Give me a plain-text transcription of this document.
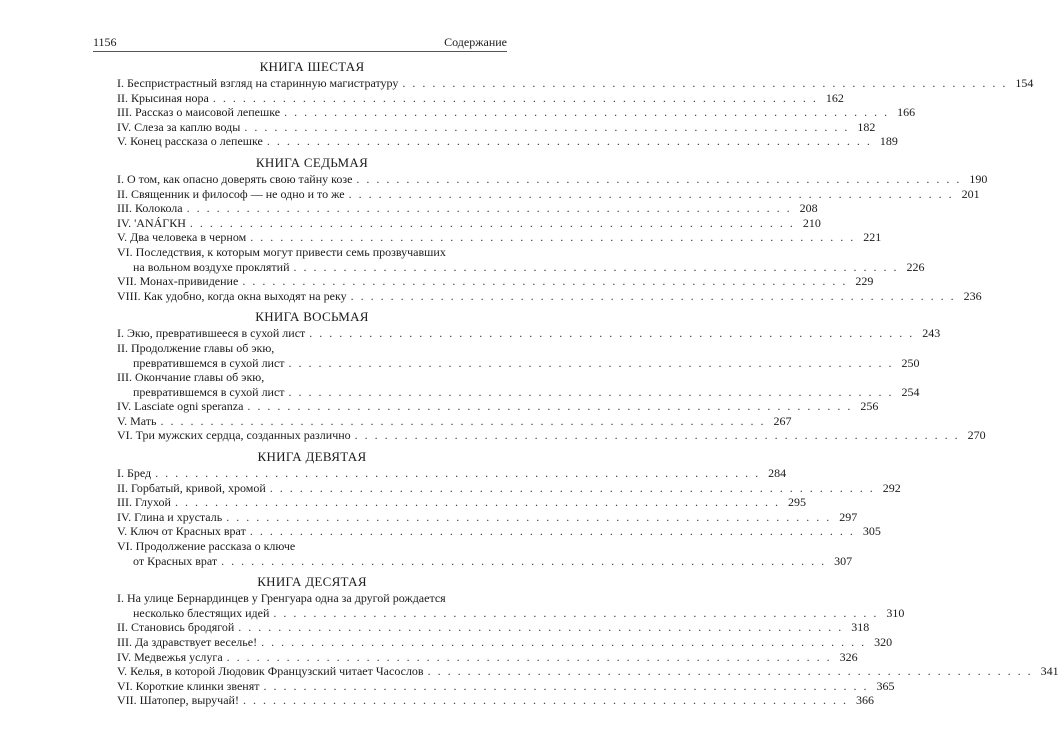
1156	Содержание
КНИГА ШЕСТАЯ
I. Беспристрастный взгляд на старинную магистратуру . . . . . . . . . . . . . . . . . . . . . . . . . . . . . . . . . . . . . . . . . . . . . . . . . . . . . . . . . . . . . 154
II. Крысиная нора . . . . . . . . . . . . . . . . . . . . . . . . . . . . . . . . . . . . . . . . . . . . . . . . . . . . . . . . . . . . . 162
III. Рассказ о маисовой лепешке . . . . . . . . . . . . . . . . . . . . . . . . . . . . . . . . . . . . . . . . . . . . . . . . . . . . . . . . . . . . . 166
IV. Слеза за каплю воды . . . . . . . . . . . . . . . . . . . . . . . . . . . . . . . . . . . . . . . . . . . . . . . . . . . . . . . . . . . . . 182
V. Конец рассказа о лепешке . . . . . . . . . . . . . . . . . . . . . . . . . . . . . . . . . . . . . . . . . . . . . . . . . . . . . . . . . . . . . 189
КНИГА СЕДЬМАЯ
I. О том, как опасно доверять свою тайну козе . . . . . . . . . . . . . . . . . . . . . . . . . . . . . . . . . . . . . . . . . . . . . . . . . . . . . . . . . . . . . 190
II. Священник и философ — не одно и то же . . . . . . . . . . . . . . . . . . . . . . . . . . . . . . . . . . . . . . . . . . . . . . . . . . . . . . . . . . . . . 201
III. Колокола . . . . . . . . . . . . . . . . . . . . . . . . . . . . . . . . . . . . . . . . . . . . . . . . . . . . . . . . . . . . . 208
IV. 'ANÁГКН . . . . . . . . . . . . . . . . . . . . . . . . . . . . . . . . . . . . . . . . . . . . . . . . . . . . . . . . . . . . . 210
V. Два человека в черном . . . . . . . . . . . . . . . . . . . . . . . . . . . . . . . . . . . . . . . . . . . . . . . . . . . . . . . . . . . . . 221
VI. Последствия, к которым могут привести семь прозвучавших
на вольном воздухе проклятий . . . . . . . . . . . . . . . . . . . . . . . . . . . . . . . . . . . . . . . . . . . . . . . . . . . . . . . . . . . . . 226
VII. Монах-привидение . . . . . . . . . . . . . . . . . . . . . . . . . . . . . . . . . . . . . . . . . . . . . . . . . . . . . . . . . . . . . 229
VIII. Как удобно, когда окна выходят на реку . . . . . . . . . . . . . . . . . . . . . . . . . . . . . . . . . . . . . . . . . . . . . . . . . . . . . . . . . . . . . 236
КНИГА ВОСЬМАЯ
I. Экю, превратившееся в сухой лист . . . . . . . . . . . . . . . . . . . . . . . . . . . . . . . . . . . . . . . . . . . . . . . . . . . . . . . . . . . . . 243
II. Продолжение главы об экю,
превратившемся в сухой лист . . . . . . . . . . . . . . . . . . . . . . . . . . . . . . . . . . . . . . . . . . . . . . . . . . . . . . . . . . . . . 250
III. Окончание главы об экю,
превратившемся в сухой лист . . . . . . . . . . . . . . . . . . . . . . . . . . . . . . . . . . . . . . . . . . . . . . . . . . . . . . . . . . . . . 254
IV. Lasciate ogni speranza . . . . . . . . . . . . . . . . . . . . . . . . . . . . . . . . . . . . . . . . . . . . . . . . . . . . . . . . . . . . . 256
V. Мать . . . . . . . . . . . . . . . . . . . . . . . . . . . . . . . . . . . . . . . . . . . . . . . . . . . . . . . . . . . . . 267
VI. Три мужских сердца, созданных различно . . . . . . . . . . . . . . . . . . . . . . . . . . . . . . . . . . . . . . . . . . . . . . . . . . . . . . . . . . . . . 270
КНИГА ДЕВЯТАЯ
I. Бред . . . . . . . . . . . . . . . . . . . . . . . . . . . . . . . . . . . . . . . . . . . . . . . . . . . . . . . . . . . . . 284
II. Горбатый, кривой, хромой . . . . . . . . . . . . . . . . . . . . . . . . . . . . . . . . . . . . . . . . . . . . . . . . . . . . . . . . . . . . . 292
III. Глухой . . . . . . . . . . . . . . . . . . . . . . . . . . . . . . . . . . . . . . . . . . . . . . . . . . . . . . . . . . . . . 295
IV. Глина и хрусталь . . . . . . . . . . . . . . . . . . . . . . . . . . . . . . . . . . . . . . . . . . . . . . . . . . . . . . . . . . . . . 297
V. Ключ от Красных врат . . . . . . . . . . . . . . . . . . . . . . . . . . . . . . . . . . . . . . . . . . . . . . . . . . . . . . . . . . . . . 305
VI. Продолжение рассказа о ключе
от Красных врат . . . . . . . . . . . . . . . . . . . . . . . . . . . . . . . . . . . . . . . . . . . . . . . . . . . . . . . . . . . . . 307
КНИГА ДЕСЯТАЯ
I. На улице Бернардинцев у Гренгуара одна за другой рождается
несколько блестящих идей . . . . . . . . . . . . . . . . . . . . . . . . . . . . . . . . . . . . . . . . . . . . . . . . . . . . . . . . . . . . . 310
II. Становись бродягой . . . . . . . . . . . . . . . . . . . . . . . . . . . . . . . . . . . . . . . . . . . . . . . . . . . . . . . . . . . . . 318
III. Да здравствует веселье! . . . . . . . . . . . . . . . . . . . . . . . . . . . . . . . . . . . . . . . . . . . . . . . . . . . . . . . . . . . . . 320
IV. Медвежья услуга . . . . . . . . . . . . . . . . . . . . . . . . . . . . . . . . . . . . . . . . . . . . . . . . . . . . . . . . . . . . . 326
V. Келья, в которой Людовик Французский читает Часослов . . . . . . . . . . . . . . . . . . . . . . . . . . . . . . . . . . . . . . . . . . . . . . . . . . . . . . . . . . . . . 341
VI. Короткие клинки звенят . . . . . . . . . . . . . . . . . . . . . . . . . . . . . . . . . . . . . . . . . . . . . . . . . . . . . . . . . . . . . 365
VII. Шатопер, выручай! . . . . . . . . . . . . . . . . . . . . . . . . . . . . . . . . . . . . . . . . . . . . . . . . . . . . . . . . . . . . . 366
